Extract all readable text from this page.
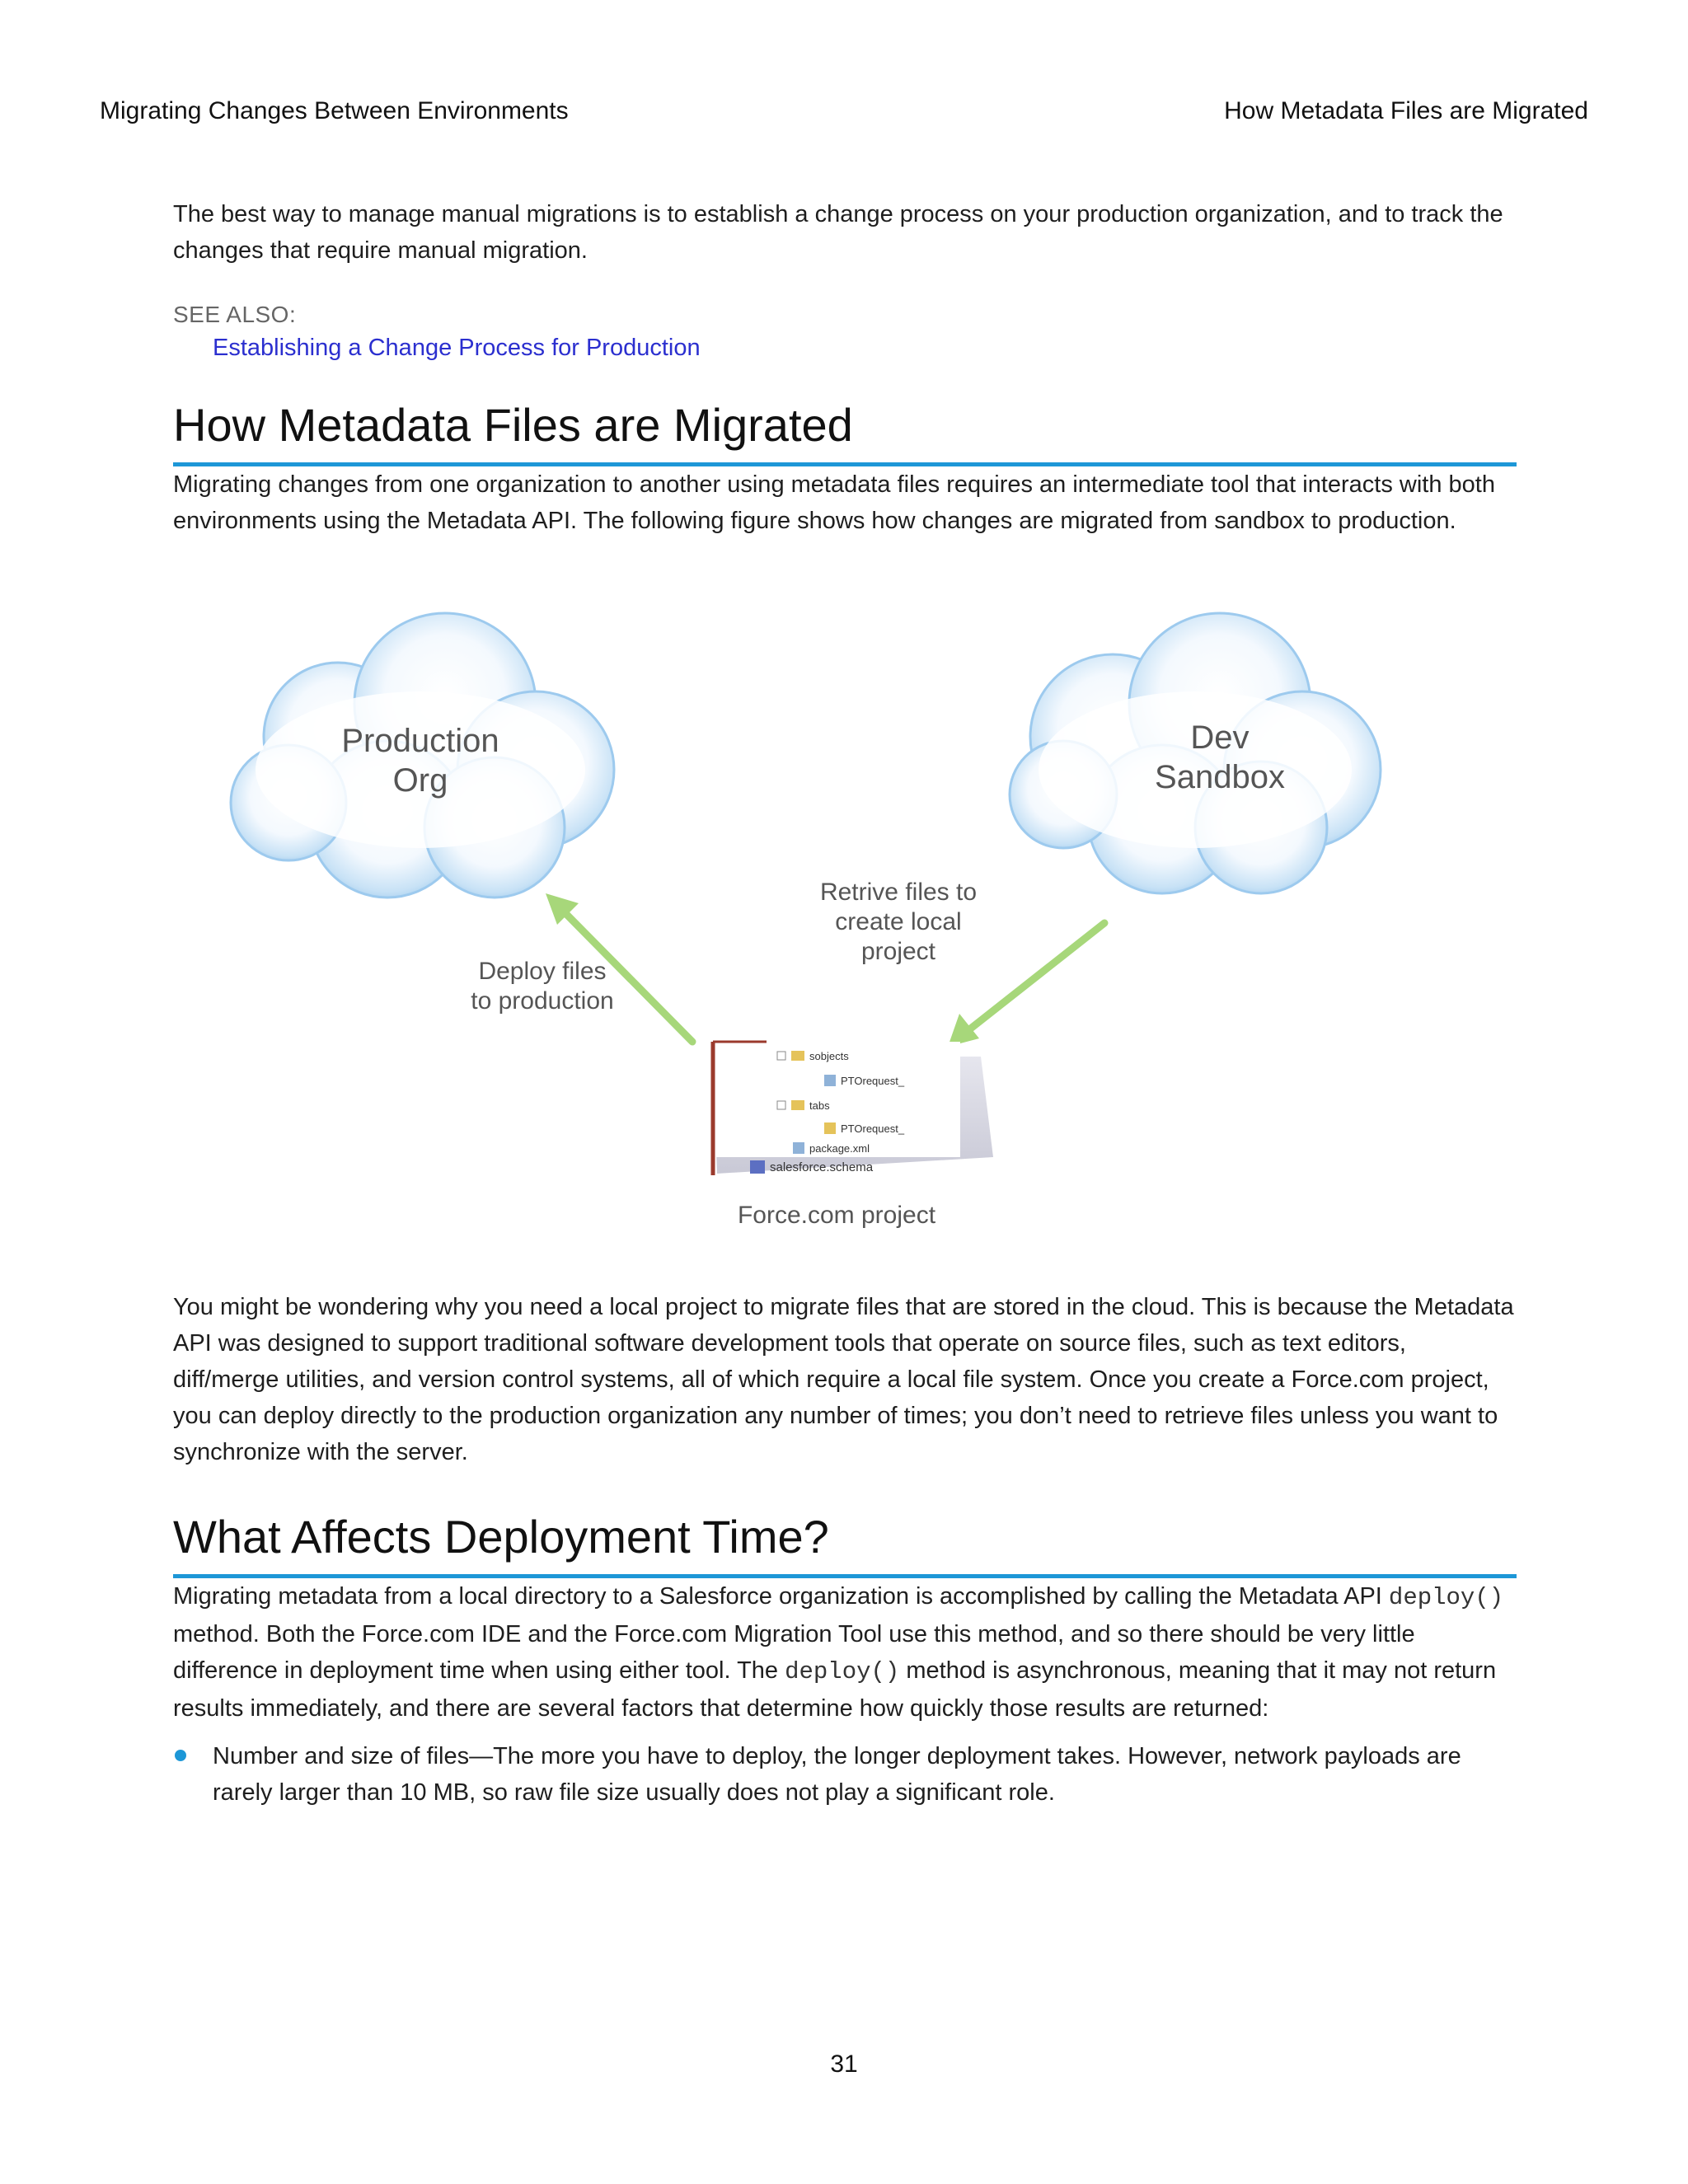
Migrating Changes Between Environments	How Metadata Files are Migrated

The best way to manage manual migrations is to establish a change process on your production organization, and to track the changes that require manual migration.

SEE ALSO:
Establishing a Change Process for Production
How Metadata Files are Migrated

Migrating changes from one organization to another using metadata files requires an intermediate tool that interacts with both environments using the Metadata API. The following figure shows how changes are migrated from sandbox to production.

Production
Org
Dev
Sandbox
Retrive files to
create local
project
Deploy files
to production
sobjects
PTOrequest_
tabs
PTOrequest_
package.xml
salesforce.schema
Force.com project

You might be wondering why you need a local project to migrate files that are stored in the cloud. This is because the Metadata API was designed to support traditional software development tools that operate on source files, such as text editors, diff/merge utilities, and version control systems, all of which require a local file system. Once you create a Force.com project, you can deploy directly to the production organization any number of times; you don’t need to retrieve files unless you want to synchronize with the server.

What Affects Deployment Time?

Migrating metadata from a local directory to a Salesforce organization is accomplished by calling the Metadata API deploy() method. Both the Force.com IDE and the Force.com Migration Tool use this method, and so there should be very little difference in deployment time when using either tool. The deploy() method is asynchronous, meaning that it may not return results immediately, and there are several factors that determine how quickly those results are returned:

Number and size of files—The more you have to deploy, the longer deployment takes. However, network payloads are rarely larger than 10 MB, so raw file size usually does not play a significant role.
31
